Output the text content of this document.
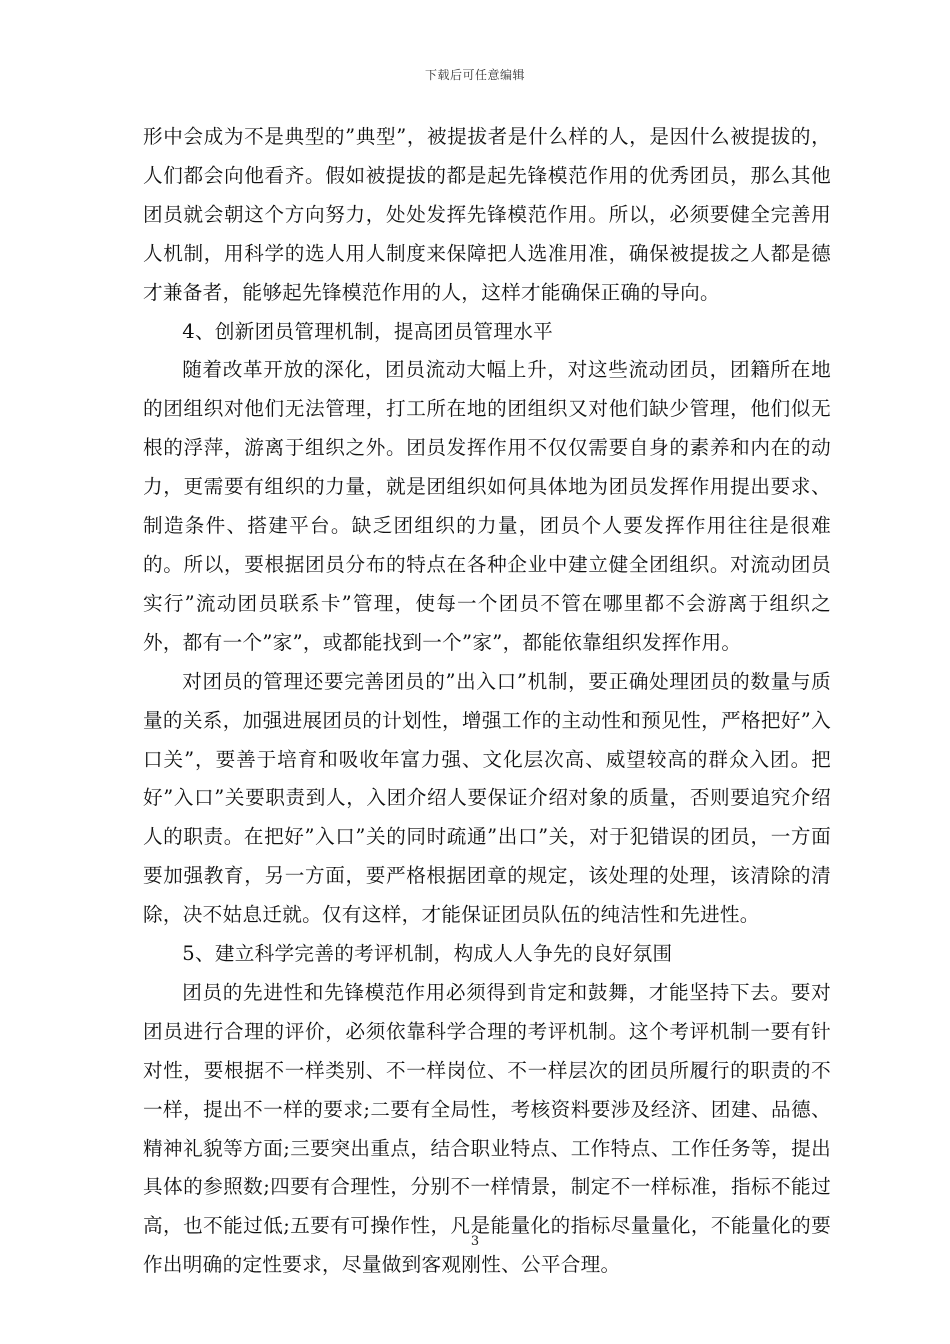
下载后可任意编辑

形中会成为不是典型的”典型”，被提拔者是什么样的人，是因什么被提拔的，人们都会向他看齐。假如被提拔的都是起先锋模范作用的优秀团员，那么其他团员就会朝这个方向努力，处处发挥先锋模范作用。所以，必须要健全完善用人机制，用科学的选人用人制度来保障把人选准用准，确保被提拔之人都是德才兼备者，能够起先锋模范作用的人，这样才能确保正确的导向。

4、创新团员管理机制，提高团员管理水平

随着改革开放的深化，团员流动大幅上升，对这些流动团员，团籍所在地的团组织对他们无法管理，打工所在地的团组织又对他们缺少管理，他们似无根的浮萍，游离于组织之外。团员发挥作用不仅仅需要自身的素养和内在的动力，更需要有组织的力量，就是团组织如何具体地为团员发挥作用提出要求、制造条件、搭建平台。缺乏团组织的力量，团员个人要发挥作用往往是很难的。所以，要根据团员分布的特点在各种企业中建立健全团组织。对流动团员实行”流动团员联系卡”管理，使每一个团员不管在哪里都不会游离于组织之外，都有一个”家”，或都能找到一个”家”，都能依靠组织发挥作用。

对团员的管理还要完善团员的”出入口”机制，要正确处理团员的数量与质量的关系，加强进展团员的计划性，增强工作的主动性和预见性，严格把好”入口关”，要善于培育和吸收年富力强、文化层次高、威望较高的群众入团。把好”入口”关要职责到人，入团介绍人要保证介绍对象的质量，否则要追究介绍人的职责。在把好”入口”关的同时疏通”出口”关，对于犯错误的团员，一方面要加强教育，另一方面，要严格根据团章的规定，该处理的处理，该清除的清除，决不姑息迁就。仅有这样，才能保证团员队伍的纯洁性和先进性。

5、建立科学完善的考评机制，构成人人争先的良好氛围

团员的先进性和先锋模范作用必须得到肯定和鼓舞，才能坚持下去。要对团员进行合理的评价，必须依靠科学合理的考评机制。这个考评机制一要有针对性，要根据不一样类别、不一样岗位、不一样层次的团员所履行的职责的不一样，提出不一样的要求;二要有全局性，考核资料要涉及经济、团建、品德、精神礼貌等方面;三要突出重点，结合职业特点、工作特点、工作任务等，提出具体的参照数;四要有合理性，分别不一样情景，制定不一样标准，指标不能过高，也不能过低;五要有可操作性，凡是能量化的指标尽量量化，不能量化的要作出明确的定性要求，尽量做到客观刚性、公平合理。

3
